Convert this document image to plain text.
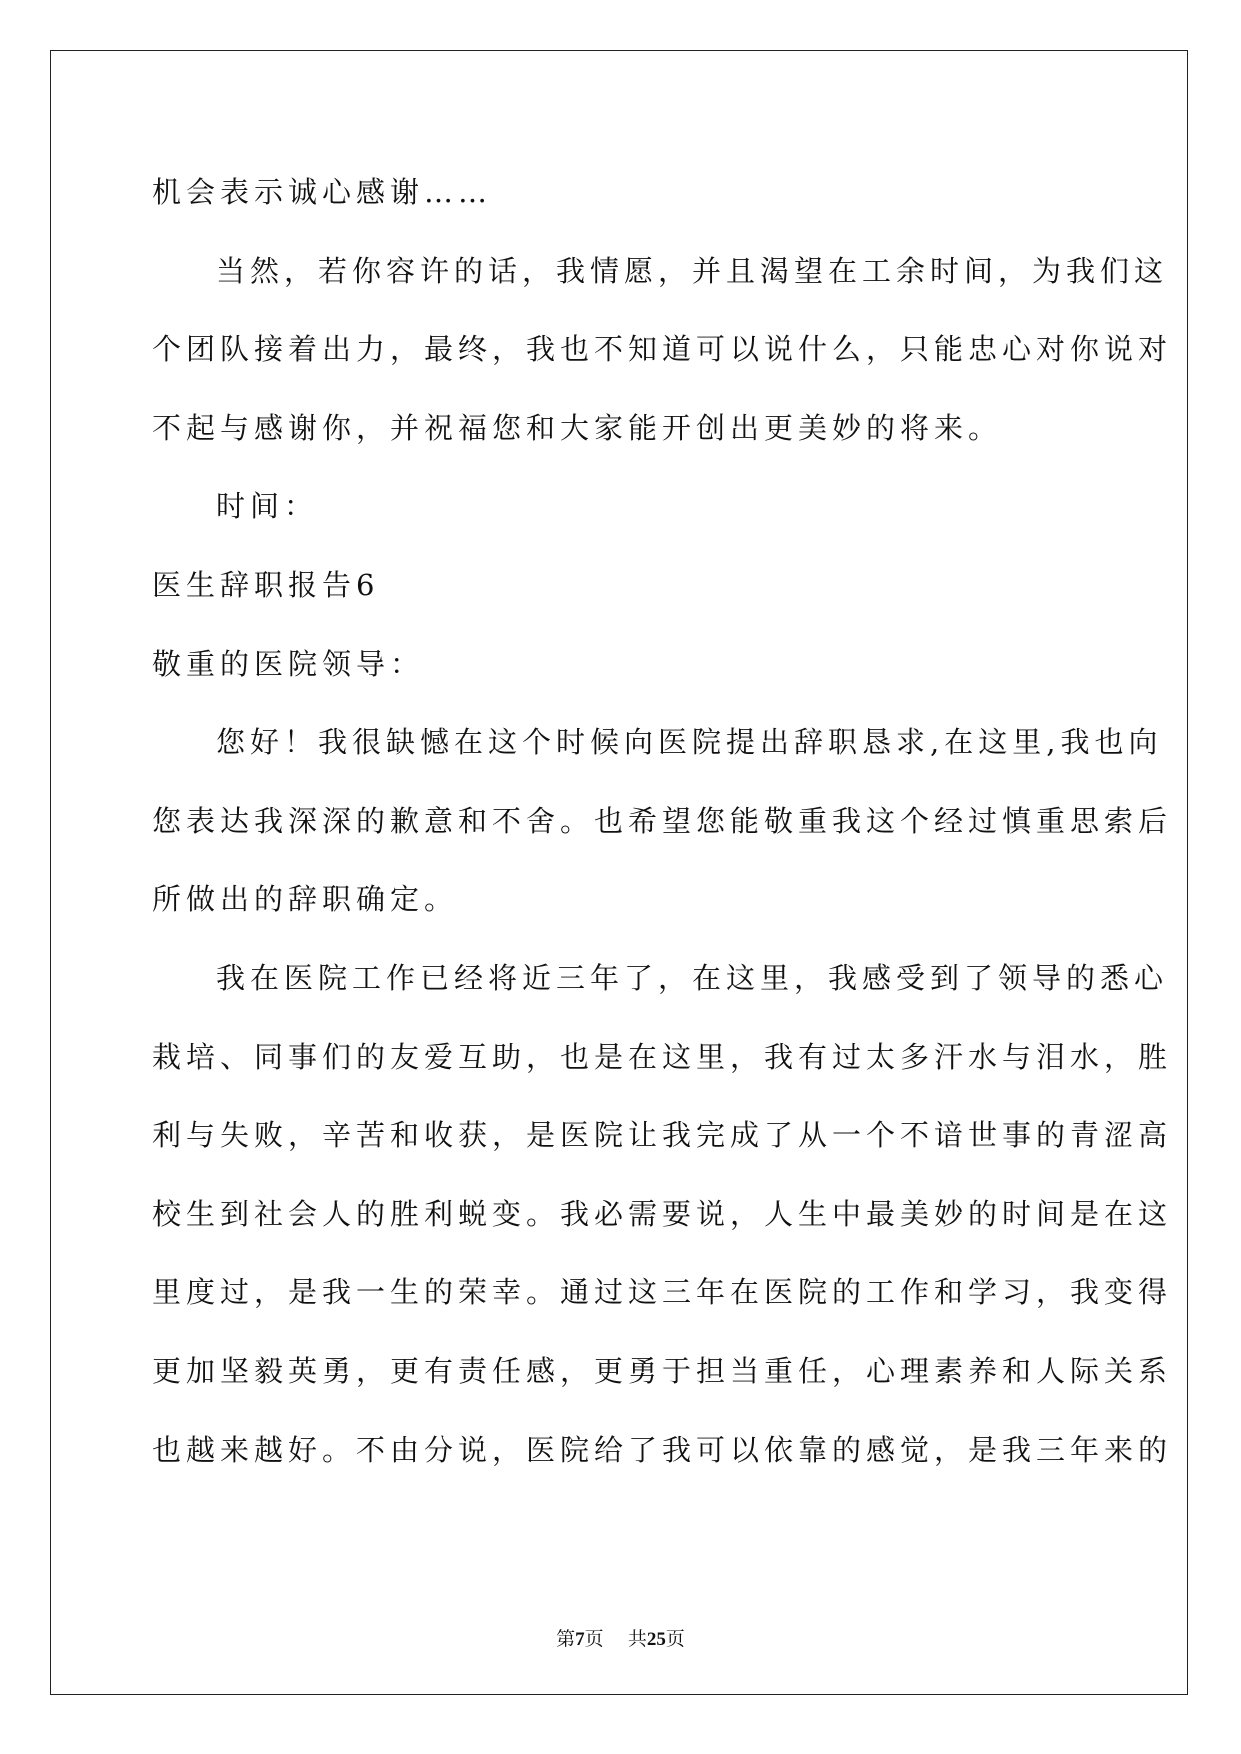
机会表示诚心感谢……
当然，若你容许的话，我情愿，并且渴望在工余时间，为我们这
个团队接着出力，最终，我也不知道可以说什么，只能忠心对你说对
不起与感谢你，并祝福您和大家能开创出更美妙的将来。
时间：
医生辞职报告6
敬重的医院领导：
您好！我很缺憾在这个时候向医院提出辞职恳求,在这里,我也向
您表达我深深的歉意和不舍。也希望您能敬重我这个经过慎重思索后
所做出的辞职确定。
我在医院工作已经将近三年了，在这里，我感受到了领导的悉心
栽培、同事们的友爱互助，也是在这里，我有过太多汗水与泪水，胜
利与失败，辛苦和收获，是医院让我完成了从一个不谙世事的青涩高
校生到社会人的胜利蜕变。我必需要说，人生中最美妙的时间是在这
里度过，是我一生的荣幸。通过这三年在医院的工作和学习，我变得
更加坚毅英勇，更有责任感，更勇于担当重任，心理素养和人际关系
也越来越好。不由分说，医院给了我可以依靠的感觉，是我三年来的
第7页 共25页
